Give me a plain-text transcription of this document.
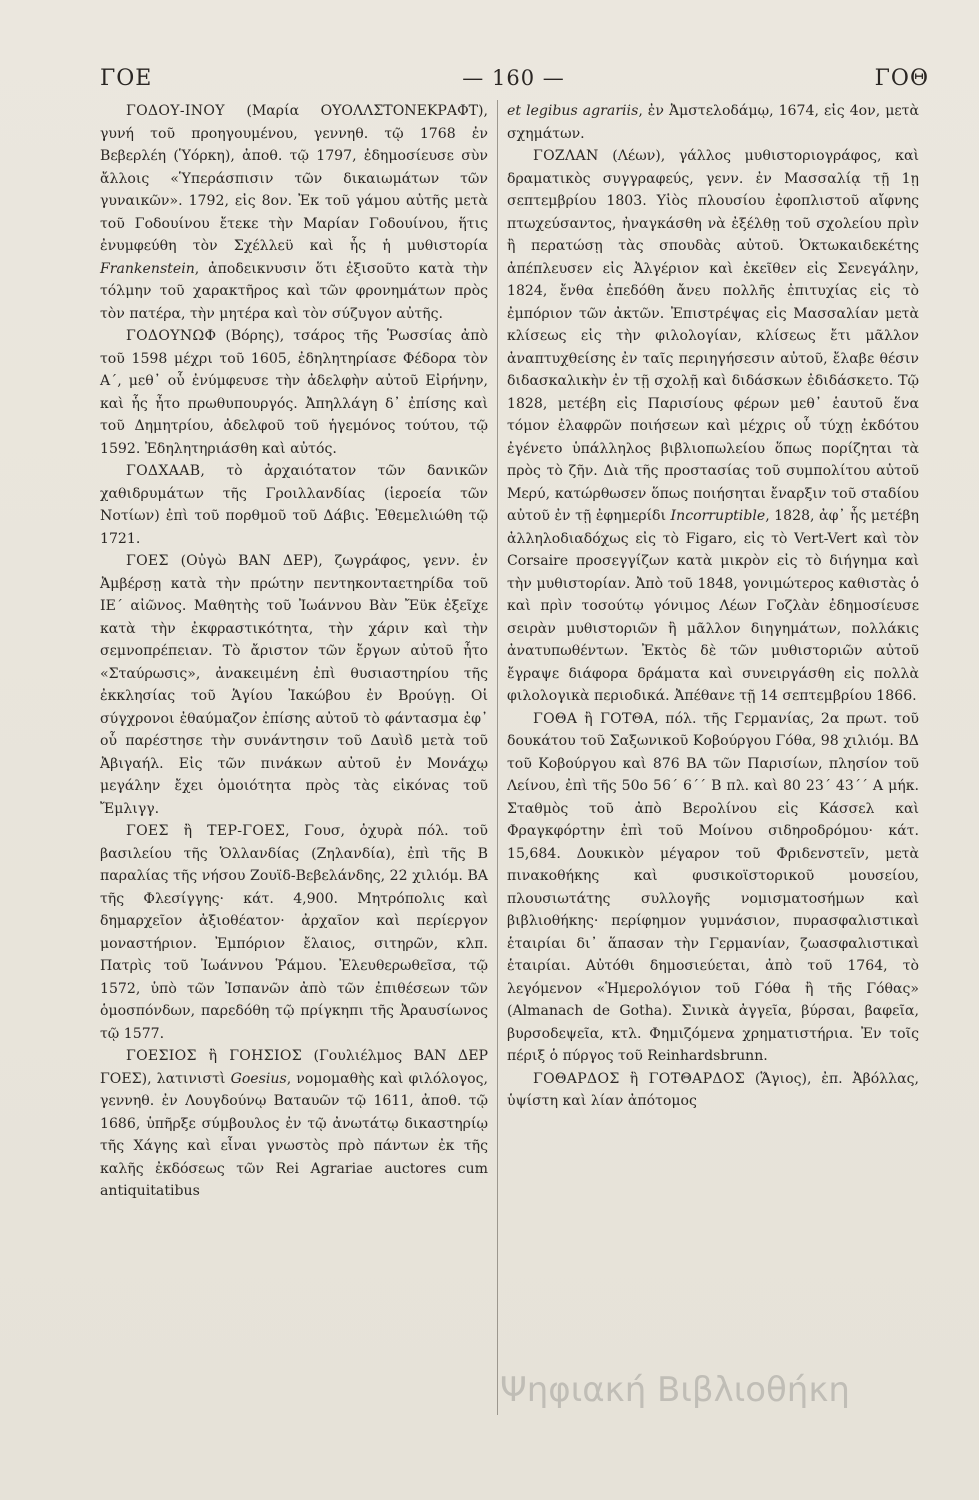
ΓΟΕ	— 160 —	ΓΟΘ

ΓΟΔΟΥ-ΙΝΟΥ (Μαρία ΟΥΟΛΛΣΤΟΝΕΚΡΑΦΤ), γυνή τοῦ προηγουμένου, γεννηθ. τῷ 1768 ἐν Βεβερλέη (Ὑόρκη), ἀποθ. τῷ 1797, ἐδημοσίευσε σὺν ἄλλοις «Ὑπεράσπισιν τῶν δικαιωμάτων τῶν γυναικῶν». 1792, εἰς 8ον. Ἐκ τοῦ γάμου αὐτῆς μετὰ τοῦ Γοδουίνου ἔτεκε τὴν Μαρίαν Γοδουίνου, ἥτις ἐνυμφεύθη τὸν Σχέλλεϋ καὶ ἧς ἡ μυθιστορία Frankenstein, ἀποδεικνυσιν ὅτι ἐξισοῦτο κατὰ τὴν τόλμην τοῦ χαρακτῆρος καὶ τῶν φρονημάτων πρὸς τὸν πατέρα, τὴν μητέρα καὶ τὸν σύζυγον αὐτῆς.

ΓΟΔΟΥΝΩΦ (Βόρης), τσάρος τῆς Ῥωσσίας ἀπὸ τοῦ 1598 μέχρι τοῦ 1605, ἐδηλητηρίασε Φέδορα τὸν Α΄, μεθ᾽ οὗ ἐνύμφευσε τὴν ἀδελφὴν αὐτοῦ Εἰρήνην, καὶ ἧς ἦτο πρωθυπουργός. Ἀπηλλάγη δ᾽ ἐπίσης καὶ τοῦ Δημητρίου, ἀδελφοῦ τοῦ ἡγεμόνος τούτου, τῷ 1592. Ἐδηλητηριάσθη καὶ αὐτός.

ΓΟΔΧΑΑΒ, τὸ ἀρχαιότατον τῶν δανικῶν χαθιδρυμάτων τῆς Γροιλλανδίας (ἱεροεία τῶν Νοτίων) ἐπὶ τοῦ πορθμοῦ τοῦ Δάβις. Ἐθεμελιώθη τῷ 1721.

ΓΟΕΣ (Οὐγὼ ΒΑΝ ΔΕΡ), ζωγράφος, γενν. ἐν Ἀμβέρσῃ κατὰ τὴν πρώτην πεντηκονταετηρίδα τοῦ ΙΕ΄ αἰῶνος. Μαθητὴς τοῦ Ἰωάννου Βὰν Ἔϋκ ἐξεῖχε κατὰ τὴν ἐκφραστικότητα, τὴν χάριν καὶ τὴν σεμνοπρέπειαν. Τὸ ἄριστον τῶν ἔργων αὐτοῦ ἦτο «Σταύρωσις», ἀνακειμένη ἐπὶ θυσιαστηρίου τῆς ἐκκλησίας τοῦ Ἁγίου Ἰακώβου ἐν Βρούγῃ. Οἱ σύγχρονοι ἐθαύμαζον ἐπίσης αὐτοῦ τὸ φάντασμα ἐφ᾽ οὗ παρέστησε τὴν συνάντησιν τοῦ Δαυὶδ μετὰ τοῦ Ἀβιγαήλ. Εἰς τῶν πινάκων αὐτοῦ ἐν Μονάχῳ μεγάλην ἔχει ὁμοιότητα πρὸς τὰς εἰκόνας τοῦ Ἔμλιγγ.

ΓΟΕΣ ἢ ΤΕΡ-ΓΟΕΣ, Γουσ, ὀχυρὰ πόλ. τοῦ βασιλείου τῆς Ὁλλανδίας (Ζηλανδία), ἐπὶ τῆς Β παραλίας τῆς νήσου Ζουϊδ-Βεβελάνδης, 22 χιλιόμ. ΒΑ τῆς Φλεσίγγης· κάτ. 4,900. Μητρόπολις καὶ δημαρχεῖον ἀξιοθέατον· ἀρχαῖον καὶ περίεργον μοναστήριον. Ἐμπόριον ἔλαιος, σιτηρῶν, κλπ. Πατρὶς τοῦ Ἰωάννου Ῥάμου. Ἐλευθερωθεῖσα, τῷ 1572, ὑπὸ τῶν Ἰσπανῶν ἀπὸ τῶν ἐπιθέσεων τῶν ὁμοσπόνδων, παρεδόθη τῷ πρίγκηπι τῆς Ἀραυσίωνος τῷ 1577.

ΓΟΕΣΙΟΣ ἢ ΓΟΗΣΙΟΣ (Γουλιέλμος ΒΑΝ ΔΕΡ ΓΟΕΣ), λατινιστὶ Goesius, νομομαθὴς καὶ φιλόλογος, γεννηθ. ἐν Λουγδούνῳ Βαταυῶν τῷ 1611, ἀποθ. τῷ 1686, ὑπῆρξε σύμβουλος ἐν τῷ ἀνωτάτῳ δικαστηρίῳ τῆς Χάγης καὶ εἶναι γνωστὸς πρὸ πάντων ἐκ τῆς καλῆς ἐκδόσεως τῶν Rei Agrariae auctores cum antiquitatibus

et legibus agrariis, ἐν Ἀμστελοδάμῳ, 1674, εἰς 4ον, μετὰ σχημάτων.

ΓΟΖΛΑΝ (Λέων), γάλλος μυθιστοριογράφος, καὶ δραματικὸς συγγραφεύς, γενν. ἐν Μασσαλίᾳ τῇ 1ῃ σεπτεμβρίου 1803. Υἱὸς πλουσίου ἐφοπλιστοῦ αἴφνης πτωχεύσαντος, ἠναγκάσθη νὰ ἐξέλθῃ τοῦ σχολείου πρὶν ἢ περατώσῃ τὰς σπουδὰς αὐτοῦ. Ὀκτωκαιδεκέτης ἀπέπλευσεν εἰς Ἀλγέριον καὶ ἐκεῖθεν εἰς Σενεγάλην, 1824, ἔνθα ἐπεδόθη ἄνευ πολλῆς ἐπιτυχίας εἰς τὸ ἐμπόριον τῶν ἀκτῶν. Ἐπιστρέψας εἰς Μασσαλίαν μετὰ κλίσεως εἰς τὴν φιλολογίαν, κλίσεως ἔτι μᾶλλον ἀναπτυχθείσης ἐν ταῖς περιηγήσεσιν αὐτοῦ, ἔλαβε θέσιν διδασκαλικὴν ἐν τῇ σχολῇ καὶ διδάσκων ἐδιδάσκετο. Τῷ 1828, μετέβη εἰς Παρισίους φέρων μεθ᾽ ἑαυτοῦ ἕνα τόμον ἐλαφρῶν ποιήσεων καὶ μέχρις οὗ τύχῃ ἐκδότου ἐγένετο ὑπάλληλος βιβλιοπωλείου ὅπως πορίζηται τὰ πρὸς τὸ ζῆν. Διὰ τῆς προστασίας τοῦ συμπολίτου αὐτοῦ Μερύ, κατώρθωσεν ὅπως ποιήσηται ἔναρξιν τοῦ σταδίου αὐτοῦ ἐν τῇ ἐφημερίδι Incorruptible, 1828, ἀφ᾽ ἧς μετέβη ἀλληλοδιαδόχως εἰς τὸ Figaro, εἰς τὸ Vert-Vert καὶ τὸν Corsaire προσεγγίζων κατὰ μικρὸν εἰς τὸ διήγημα καὶ τὴν μυθιστορίαν. Ἀπὸ τοῦ 1848, γονιμώτερος καθιστὰς ὁ καὶ πρὶν τοσούτῳ γόνιμος Λέων Γοζλὰν ἐδημοσίευσε σειρὰν μυθιστοριῶν ἢ μᾶλλον διηγημάτων, πολλάκις ἀνατυπωθέντων. Ἐκτὸς δὲ τῶν μυθιστοριῶν αὐτοῦ ἔγραψε διάφορα δράματα καὶ συνειργάσθη εἰς πολλὰ φιλολογικὰ περιοδικά. Ἀπέθανε τῇ 14 σεπτεμβρίου 1866.

ΓΟΘΑ ἢ ΓΟΤΘΑ, πόλ. τῆς Γερμανίας, 2α πρωτ. τοῦ δουκάτου τοῦ Σαξωνικοῦ Κοβούργου Γόθα, 98 χιλιόμ. ΒΔ τοῦ Κοβούργου καὶ 876 ΒΑ τῶν Παρισίων, πλησίον τοῦ Λείνου, ἐπὶ τῆς 50ο 56΄ 6΄΄ Β πλ. καὶ 80 23΄ 43΄΄ Α μήκ. Σταθμὸς τοῦ ἀπὸ Βερολίνου εἰς Κάσσελ καὶ Φραγκφόρτην ἐπὶ τοῦ Μοίνου σιδηροδρόμου· κάτ. 15,684. Δουκικὸν μέγαρον τοῦ Φριδενστεῖν, μετὰ πινακοθήκης καὶ φυσικοϊστορικοῦ μουσείου, πλουσιωτάτης συλλογῆς νομισματοσήμων καὶ βιβλιοθήκης· περίφημον γυμνάσιον, πυρασφαλιστικαὶ ἑταιρίαι δι᾽ ἅπασαν τὴν Γερμανίαν, ζωασφαλιστικαὶ ἑταιρίαι. Αὐτόθι δημοσιεύεται, ἀπὸ τοῦ 1764, τὸ λεγόμενον «Ἡμερολόγιον τοῦ Γόθα ἢ τῆς Γόθας» (Almanach de Gotha). Σινικὰ ἀγγεῖα, βύρσαι, βαφεῖα, βυρσοδεψεῖα, κτλ. Φημιζόμενα χρηματιστήρια. Ἐν τοῖς πέριξ ὁ πύργος τοῦ Reinhardsbrunn.

ΓΟΘΑΡΔΟΣ ἢ ΓΟΤΘΑΡΔΟΣ (Ἅγιος), ἐπ. Ἀβόλλας, ὑψίστη καὶ λίαν ἀπότομος

Ψηφιακή Βιβλιοθήκη
